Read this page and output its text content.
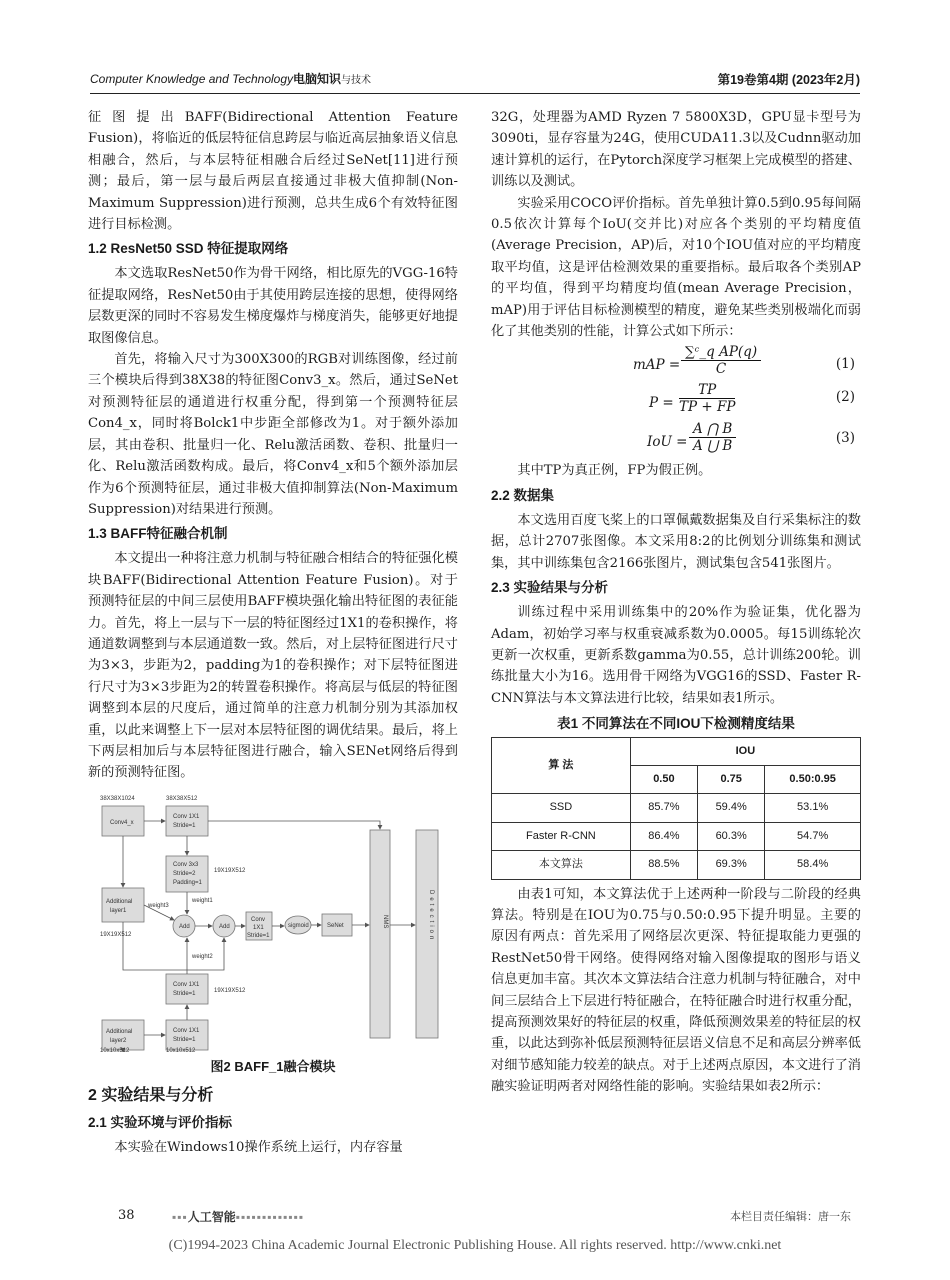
Computer Knowledge and Technology电脑知识与技术	第19卷第4期 (2023年2月)

征图提出BAFF(Bidirectional Attention Feature Fusion)，将临近的低层特征信息跨层与临近高层抽象语义信息相融合，然后，与本层特征相融合后经过SeNet[11]进行预测；最后，第一层与最后两层直接通过非极大值抑制(Non-Maximum Suppression)进行预测，总共生成6个有效特征图进行目标检测。

1.2 ResNet50 SSD 特征提取网络

本文选取ResNet50作为骨干网络，相比原先的VGG-16特征提取网络，ResNet50由于其使用跨层连接的思想，使得网络层数更深的同时不容易发生梯度爆炸与梯度消失，能够更好地提取图像信息。

首先，将输入尺寸为300X300的RGB对训练图像，经过前三个模块后得到38X38的特征图Conv3_x。然后，通过SeNet对预测特征层的通道进行权重分配，得到第一个预测特征层Con4_x，同时将Bolck1中步距全部修改为1。对于额外添加层，其由卷积、批量归一化、Relu激活函数、卷积、批量归一化、Relu激活函数构成。最后，将Conv4_x和5个额外添加层作为6个预测特征层，通过非极大值抑制算法(Non-Maximum Suppression)对结果进行预测。

1.3 BAFF特征融合机制

本文提出一种将注意力机制与特征融合相结合的特征强化模块BAFF(Bidirectional Attention Feature Fusion)。对于预测特征层的中间三层使用BAFF模块强化输出特征图的表征能力。首先，将上一层与下一层的特征图经过1X1的卷积操作，将通道数调整到与本层通道数一致。然后，对上层特征图进行尺寸为3×3，步距为2，padding为1的卷积操作；对下层特征图进行尺寸为3×3步距为2的转置卷积操作。将高层与低层的特征图调整到本层的尺度后，通过简单的注意力机制分别为其添加权重，以此来调整上下一层对本层特征图的调优结果。最后，将上下两层相加后与本层特征图进行融合，输入SENet网络后得到新的预测特征图。

38X38X1024	38X38X512
Conv4_x
Conv 1X1
Stride=1
Conv 3x3
Stride=2
Padding=1
19X19X512
Additional
layer1
weight3
weight1
Add	Add
Conv
1X1
Stride=1
sigmoid	SeNet	NMS	Detection
19X19X512
weight2
Conv 1X1
Stride=1	19X19X512
Additional
layer2
Conv 1X1
Stride=1
10x10x512	10x10x512
图2 BAFF_1融合模块
2 实验结果与分析
2.1 实验环境与评价指标

本实验在Windows10操作系统上运行，内存容量

32G，处理器为AMD Ryzen 7 5800X3D，GPU显卡型号为3090ti，显存容量为24G，使用CUDA11.3以及Cudnn驱动加速计算机的运行，在Pytorch深度学习框架上完成模型的搭建、训练以及测试。

实验采用COCO评价指标。首先单独计算0.5到0.95每间隔0.5依次计算每个IoU(交并比)对应各个类别的平均精度值(Average Precision，AP)后，对10个IOU值对应的平均精度取平均值，这是评估检测效果的重要指标。最后取各个类别AP的平均值，得到平均精度均值(mean Average Precision，mAP)用于评估目标检测模型的精度，避免某些类别极端化而弱化了其他类别的性能，计算公式如下所示：

mAP = $\frac{\text{∑ᶜ\_q AP(q)}}{C}$	(1)
$P = \frac{TP}{TP + FP}$	(2)
IoU = $\frac{A ⋂ B}{A ⋃ B}$	(3)

其中TP为真正例，FP为假正例。

2.2 数据集

本文选用百度飞桨上的口罩佩戴数据集及自行采集标注的数据，总计2707张图像。本文采用8:2的比例划分训练集和测试集，其中训练集包含2166张图片，测试集包含541张图片。

2.3 实验结果与分析

训练过程中采用训练集中的20%作为验证集，优化器为Adam，初始学习率与权重衰减系数为0.0005。每15训练轮次更新一次权重，更新系数gamma为0.55，总计训练200轮。训练批量大小为16。选用骨干网络为VGG16的SSD、Faster R-CNN算法与本文算法进行比较，结果如表1所示。

表1 不同算法在不同IOU下检测精度结果
算 法	IOU		
	0.50	0.75	0.50:0.95
SSD	85.7%	59.4%	53.1%
Faster R-CNN	86.4%	60.3%	54.7%
本文算法	88.5%	69.3%	58.4%

由表1可知，本文算法优于上述两种一阶段与二阶段的经典算法。特别是在IOU为0.75与0.50:0.95下提升明显。主要的原因有两点：首先采用了网络层次更深、特征提取能力更强的RestNet50骨干网络。使得网络对输入图像提取的图形与语义信息更加丰富。其次本文算法结合注意力机制与特征融合，对中间三层结合上下层进行特征融合，在特征融合时进行权重分配，提高预测效果好的特征层的权重，降低预测效果差的特征层的权重，以此达到弥补低层预测特征层语义信息不足和高层分辨率低对细节感知能力较差的缺点。对于上述两点原因，本文进行了消融实验证明两者对网络性能的影响。实验结果如表2所示：

38	▪▪▪人工智能▪▪▪▪▪▪▪▪▪▪▪▪▪	本栏目责任编辑：唐一东
(C)1994-2023 China Academic Journal Electronic Publishing House. All rights reserved. http://www.cnki.net
